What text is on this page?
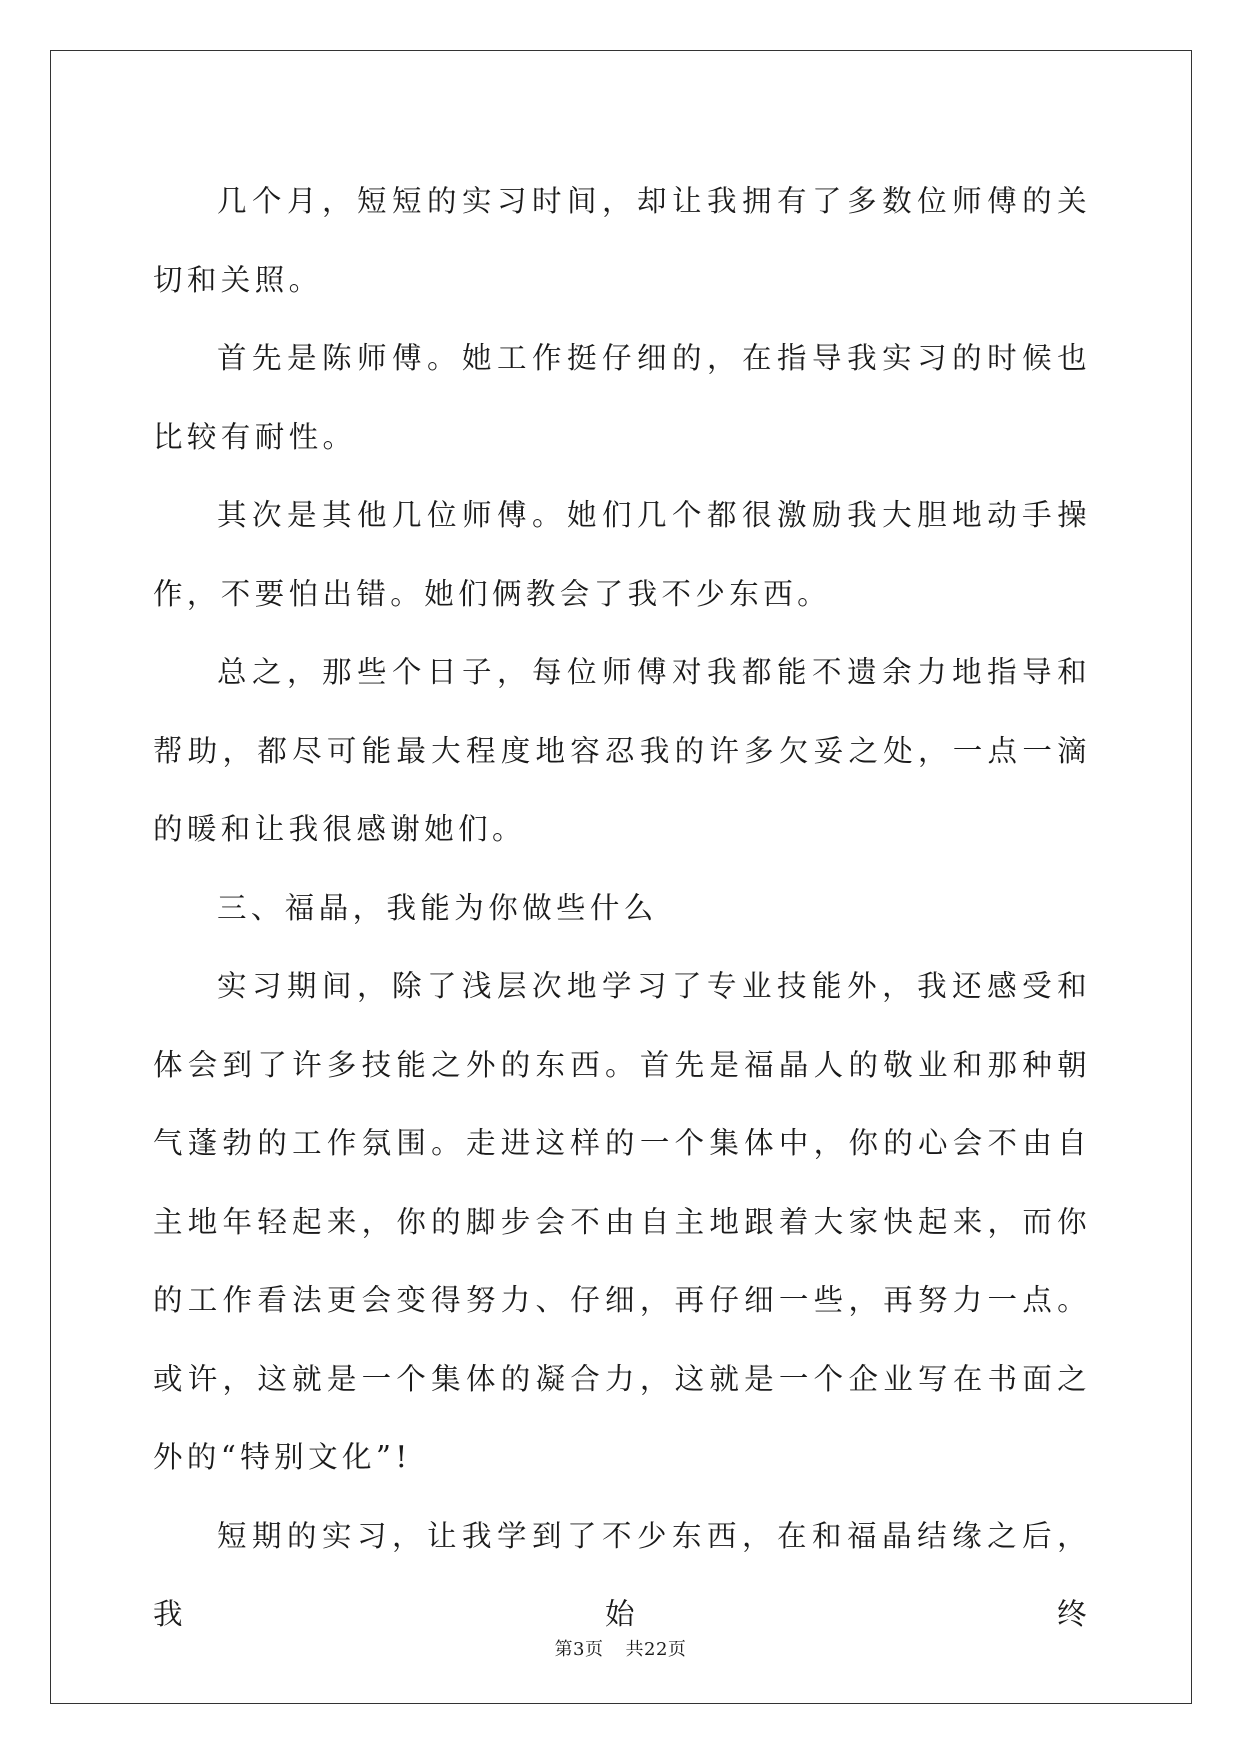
几个月，短短的实习时间，却让我拥有了多数位师傅的关切和关照。

首先是陈师傅。她工作挺仔细的，在指导我实习的时候也比较有耐性。

其次是其他几位师傅。她们几个都很激励我大胆地动手操作，不要怕出错。她们俩教会了我不少东西。

总之，那些个日子，每位师傅对我都能不遗余力地指导和帮助，都尽可能最大程度地容忍我的许多欠妥之处，一点一滴的暖和让我很感谢她们。

三、福晶，我能为你做些什么

实习期间，除了浅层次地学习了专业技能外，我还感受和体会到了许多技能之外的东西。首先是福晶人的敬业和那种朝气蓬勃的工作氛围。走进这样的一个集体中，你的心会不由自主地年轻起来，你的脚步会不由自主地跟着大家快起来，而你的工作看法更会变得努力、仔细，再仔细一些，再努力一点。或许，这就是一个集体的凝合力，这就是一个企业写在书面之外的“特别文化”!

短期的实习，让我学到了不少东西，在和福晶结缘之后，我始终

第3页 共22页
